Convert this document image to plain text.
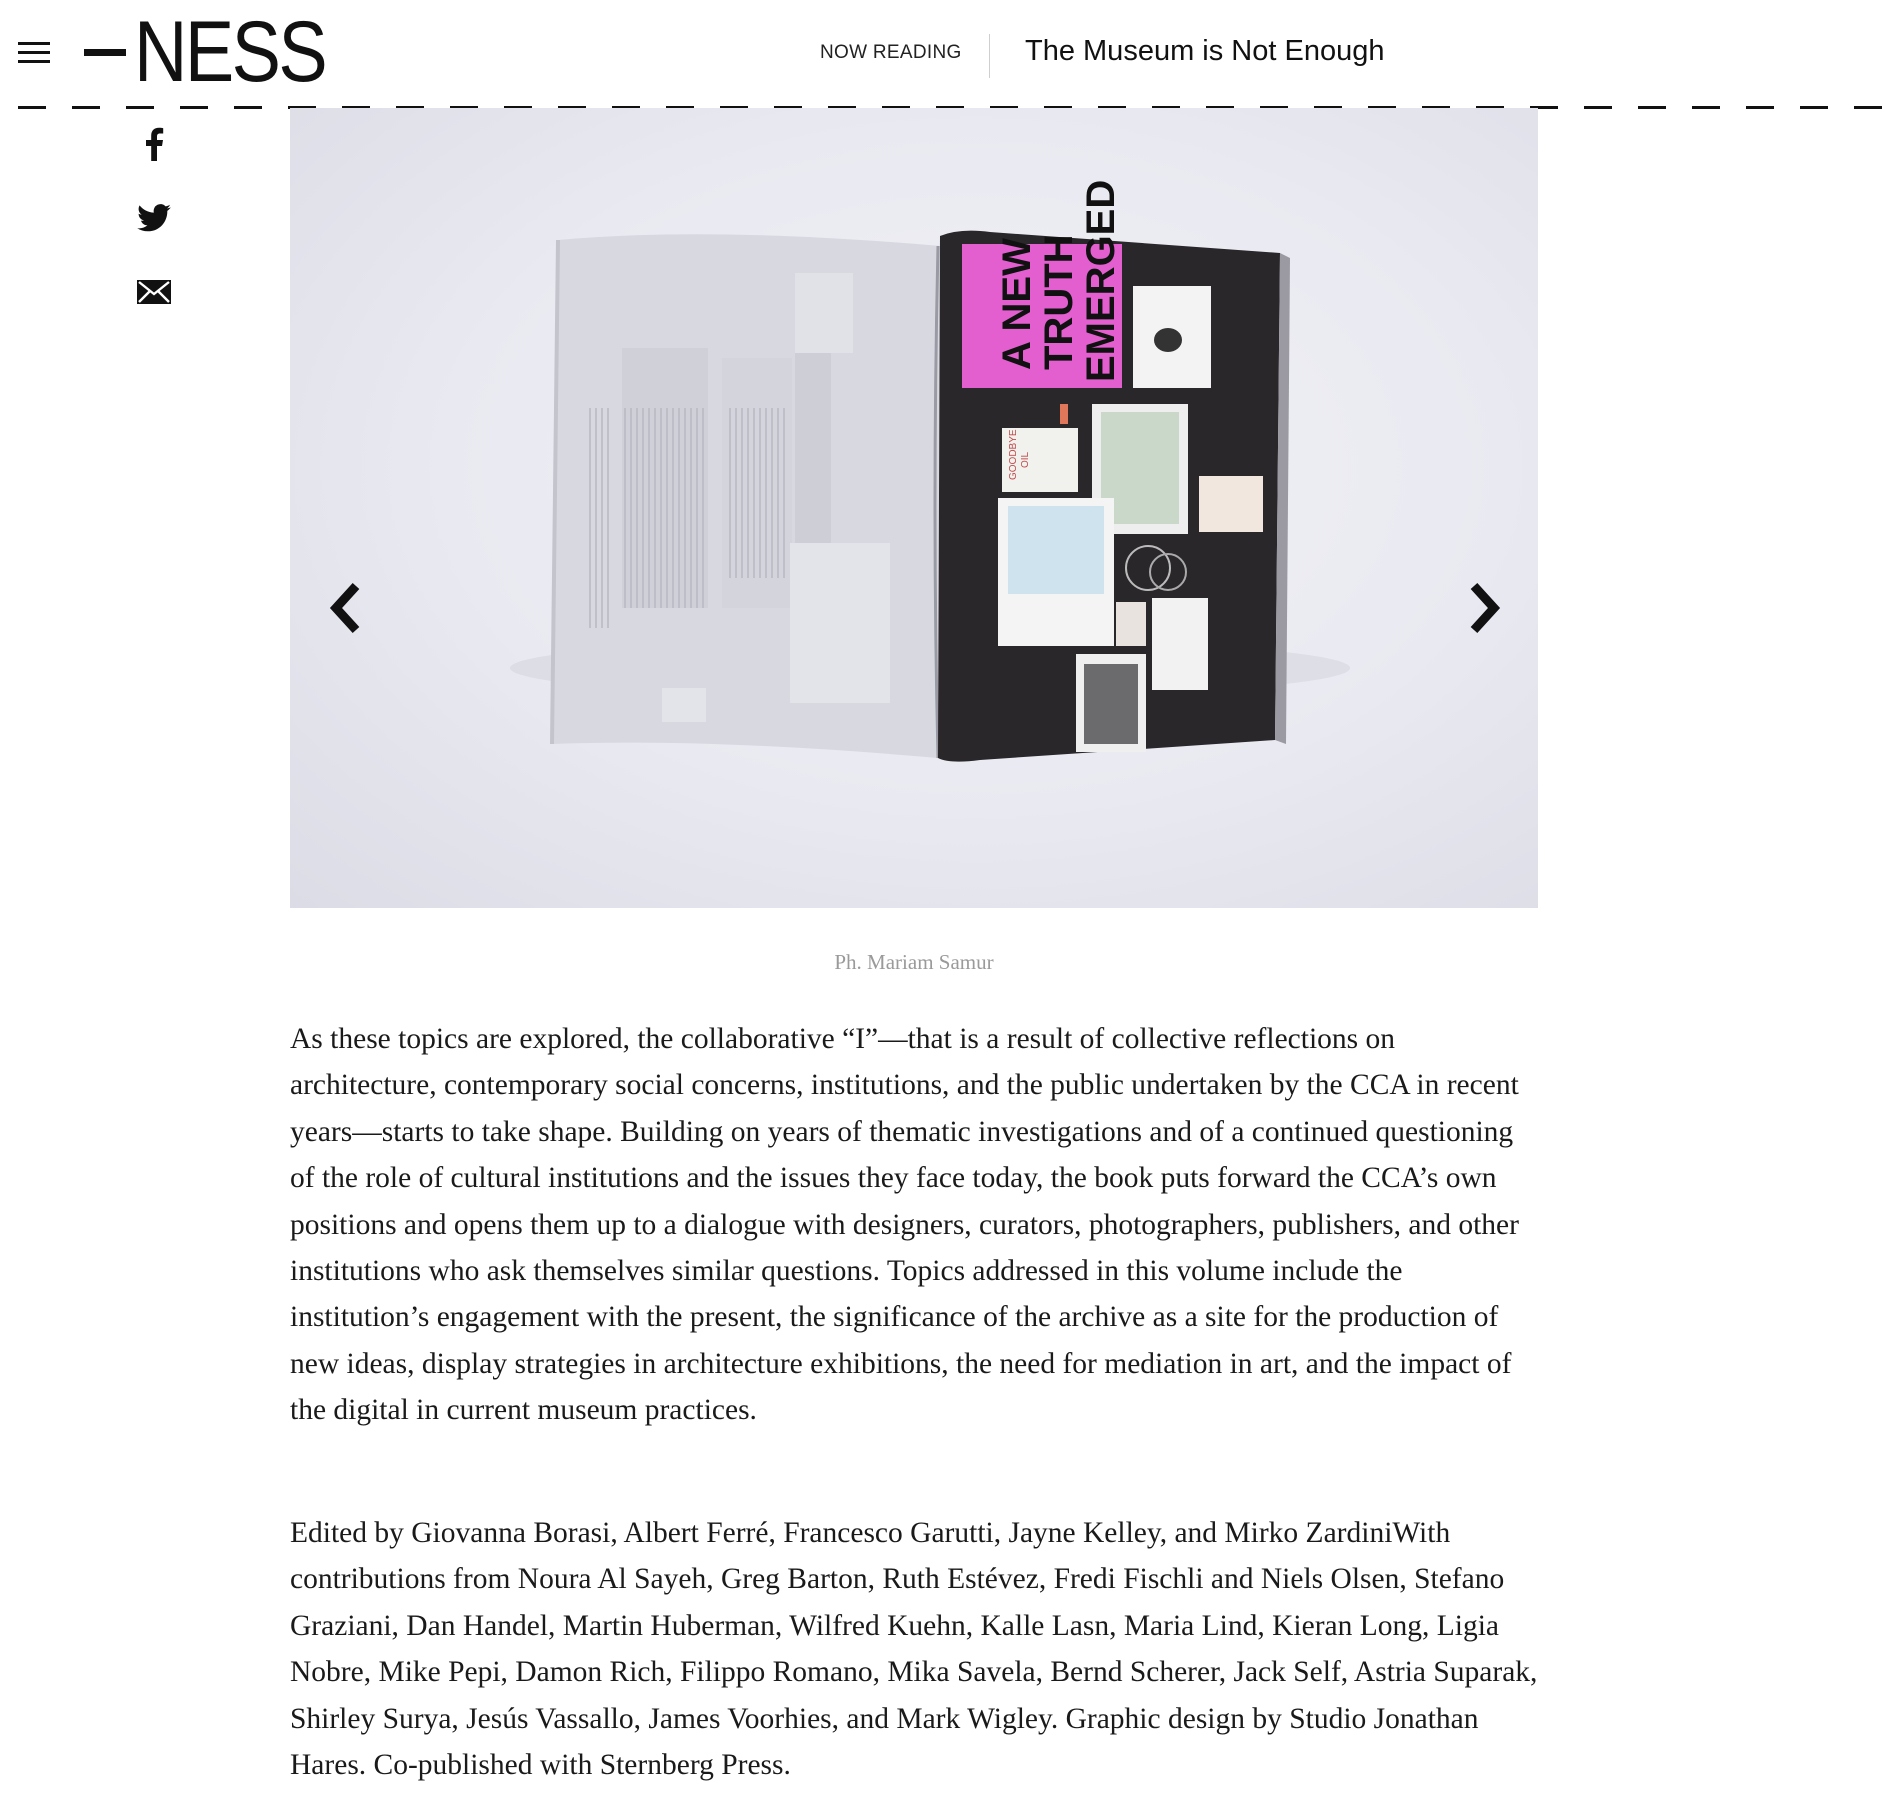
NESS	NOW READING The Museum is Not Enough
A NEW
TRUTH
EMERGED
GOODBYE OIL
Ph. Mariam Samur

As these topics are explored, the collaborative “I”—that is a result of collective reflections on architecture, contemporary social concerns, institutions, and the public undertaken by the CCA in recent years—starts to take shape. Building on years of thematic investigations and of a continued questioning of the role of cultural institutions and the issues they face today, the book puts forward the CCA’s own positions and opens them up to a dialogue with designers, curators, photographers, publishers, and other institutions who ask themselves similar questions. Topics addressed in this volume include the institution’s engagement with the present, the significance of the archive as a site for the production of new ideas, display strategies in architecture exhibitions, the need for mediation in art, and the impact of the digital in current museum practices.

Edited by Giovanna Borasi, Albert Ferré, Francesco Garutti, Jayne Kelley, and Mirko ZardiniWith contributions from Noura Al Sayeh, Greg Barton, Ruth Estévez, Fredi Fischli and Niels Olsen, Stefano Graziani, Dan Handel, Martin Huberman, Wilfred Kuehn, Kalle Lasn, Maria Lind, Kieran Long, Ligia Nobre, Mike Pepi, Damon Rich, Filippo Romano, Mika Savela, Bernd Scherer, Jack Self, Astria Suparak, Shirley Surya, Jesús Vassallo, James Voorhies, and Mark Wigley. Graphic design by Studio Jonathan Hares. Co-published with Sternberg Press.
